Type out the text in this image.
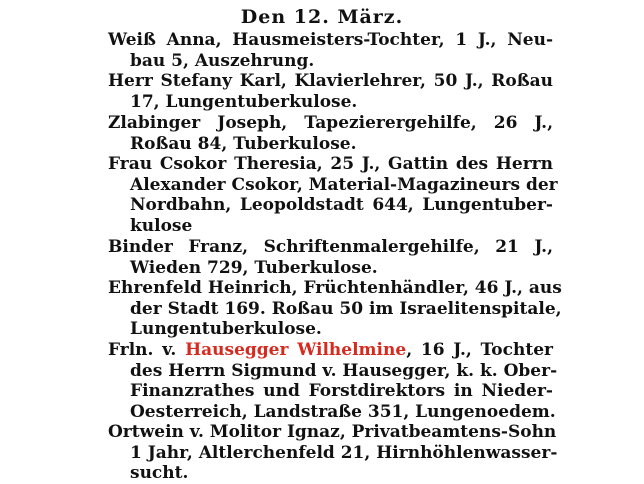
Den 12. März.
Weiß Anna, Hausmeisters-Tochter, 1 J., Neu-
bau 5, Auszehrung.
Herr Stefany Karl, Klavierlehrer, 50 J., Roßau
17, Lungentuberkulose.
Zlabinger Joseph, Tapezierergehilfe, 26 J.,
Roßau 84, Tuberkulose.
Frau Csokor Theresia, 25 J., Gattin des Herrn
Alexander Csokor, Material-Magazineurs der
Nordbahn, Leopoldstadt 644, Lungentuber-
kulose
Binder Franz, Schriftenmalergehilfe, 21 J.,
Wieden 729, Tuberkulose.
Ehrenfeld Heinrich, Früchtenhändler, 46 J., aus
der Stadt 169. Roßau 50 im Israelitenspitale,
Lungentuberkulose.
Frln. v. Hausegger Wilhelmine, 16 J., Tochter
des Herrn Sigmund v. Hausegger, k. k. Ober-
Finanzrathes und Forstdirektors in Nieder-
Oesterreich, Landstraße 351, Lungenoedem.
Ortwein v. Molitor Ignaz, Privatbeamtens-Sohn
1 Jahr, Altlerchenfeld 21, Hirnhöhlenwasser-
sucht.
